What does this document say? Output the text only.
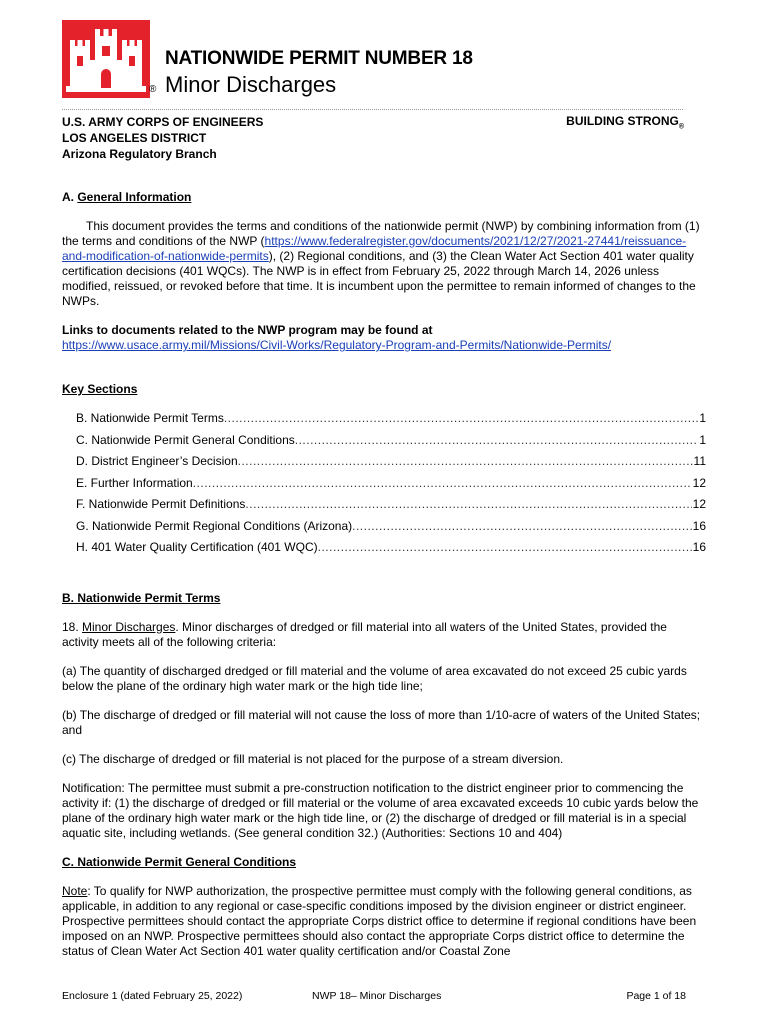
NATIONWIDE PERMIT NUMBER 18
® Minor Discharges
U.S. ARMY CORPS OF ENGINEERS
LOS ANGELES DISTRICT
Arizona Regulatory Branch
BUILDING $STRONG_®$

A. General Information

This document provides the terms and conditions of the nationwide permit (NWP) by combining information from (1) the terms and conditions of the NWP (https://www.federalregister.gov/documents/2021/12/27/2021-27441/reissuance-and-modification-of-nationwide-permits), (2) Regional conditions, and (3) the Clean Water Act Section 401 water quality certification decisions (401 WQCs). The NWP is in effect from February 25, 2022 through March 14, 2026 unless modified, reissued, or revoked before that time. It is incumbent upon the permittee to remain informed of changes to the NWPs.

Links to documents related to the NWP program may be found at

https://www.usace.army.mil/Missions/Civil-Works/Regulatory-Program-and-Permits/Nationwide-Permits/

Key Sections

B. Nationwide Permit Terms .....	1
C. Nationwide Permit General Conditions .....	1
D. District Engineer’s Decision .....	11
E. Further Information .....	12
F. Nationwide Permit Definitions .....	12
G. Nationwide Permit Regional Conditions (Arizona) .....	16
H. 401 Water Quality Certification (401 WQC) .....	16

B. Nationwide Permit Terms

18. Minor Discharges. Minor discharges of dredged or fill material into all waters of the United States, provided the activity meets all of the following criteria:

(a) The quantity of discharged dredged or fill material and the volume of area excavated do not exceed 25 cubic yards below the plane of the ordinary high water mark or the high tide line;

(b) The discharge of dredged or fill material will not cause the loss of more than 1/10-acre of waters of the United States; and

(c) The discharge of dredged or fill material is not placed for the purpose of a stream diversion.

Notification: The permittee must submit a pre-construction notification to the district engineer prior to commencing the activity if: (1) the discharge of dredged or fill material or the volume of area excavated exceeds 10 cubic yards below the plane of the ordinary high water mark or the high tide line, or (2) the discharge of dredged or fill material is in a special aquatic site, including wetlands. (See general condition 32.) (Authorities: Sections 10 and 404)

C. Nationwide Permit General Conditions

Note: To qualify for NWP authorization, the prospective permittee must comply with the following general conditions, as applicable, in addition to any regional or case-specific conditions imposed by the division engineer or district engineer. Prospective permittees should contact the appropriate Corps district office to determine if regional conditions have been imposed on an NWP. Prospective permittees should also contact the appropriate Corps district office to determine the status of Clean Water Act Section 401 water quality certification and/or Coastal Zone

Enclosure 1 (dated February 25, 2022)	NWP 18– Minor Discharges	Page 1 of 18
